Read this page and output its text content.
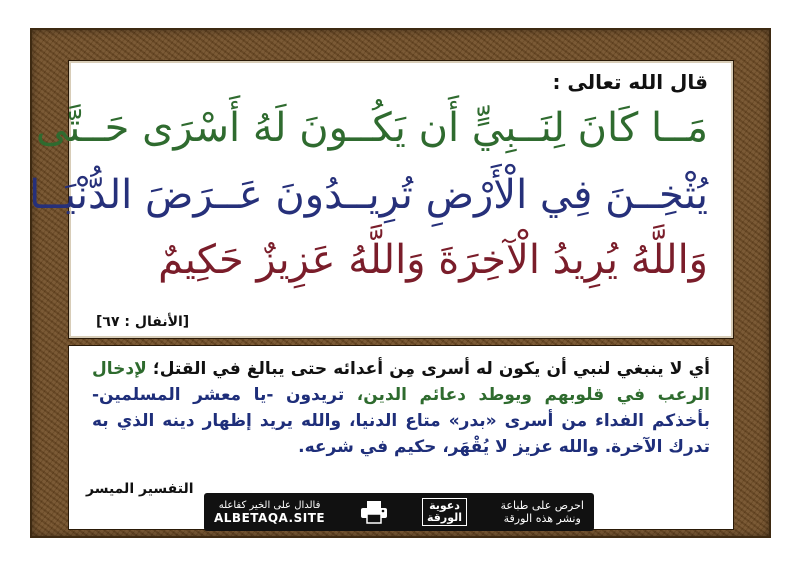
قال الله تعالى :
مَــا كَانَ لِنَــبِيٍّ أَن يَكُــونَ لَهُ أَسْرَى حَــتَّى
يُثْخِــنَ فِي الْأَرْضِ تُرِيــدُونَ عَــرَضَ الدُّنْيَــا
وَاللَّهُ يُرِيدُ الْآخِرَةَ وَاللَّهُ عَزِيزٌ حَكِيمٌ
[الأنفال : ٦٧]
أي لا ينبغي لنبي أن يكون له أسرى مِن أعدائه حتى يبالغ في القتل؛ لإدخال الرعب في قلوبهم ويوطد دعائم الدين، تريدون -يا معشر المسلمين- بأخذكم الفداء من أسرى «بدر» متاع الدنيا، والله يريد إظهار دينه الذي به تدرك الآخرة. والله عزيز لا يُقْهَر، حكيم في شرعه.
التفسير الميسر
فالدال على الخير كفاعله
ALBETAQA.SITE
دعوية
الورقة
احرص على طباعة
ونشر هذه الورقة
